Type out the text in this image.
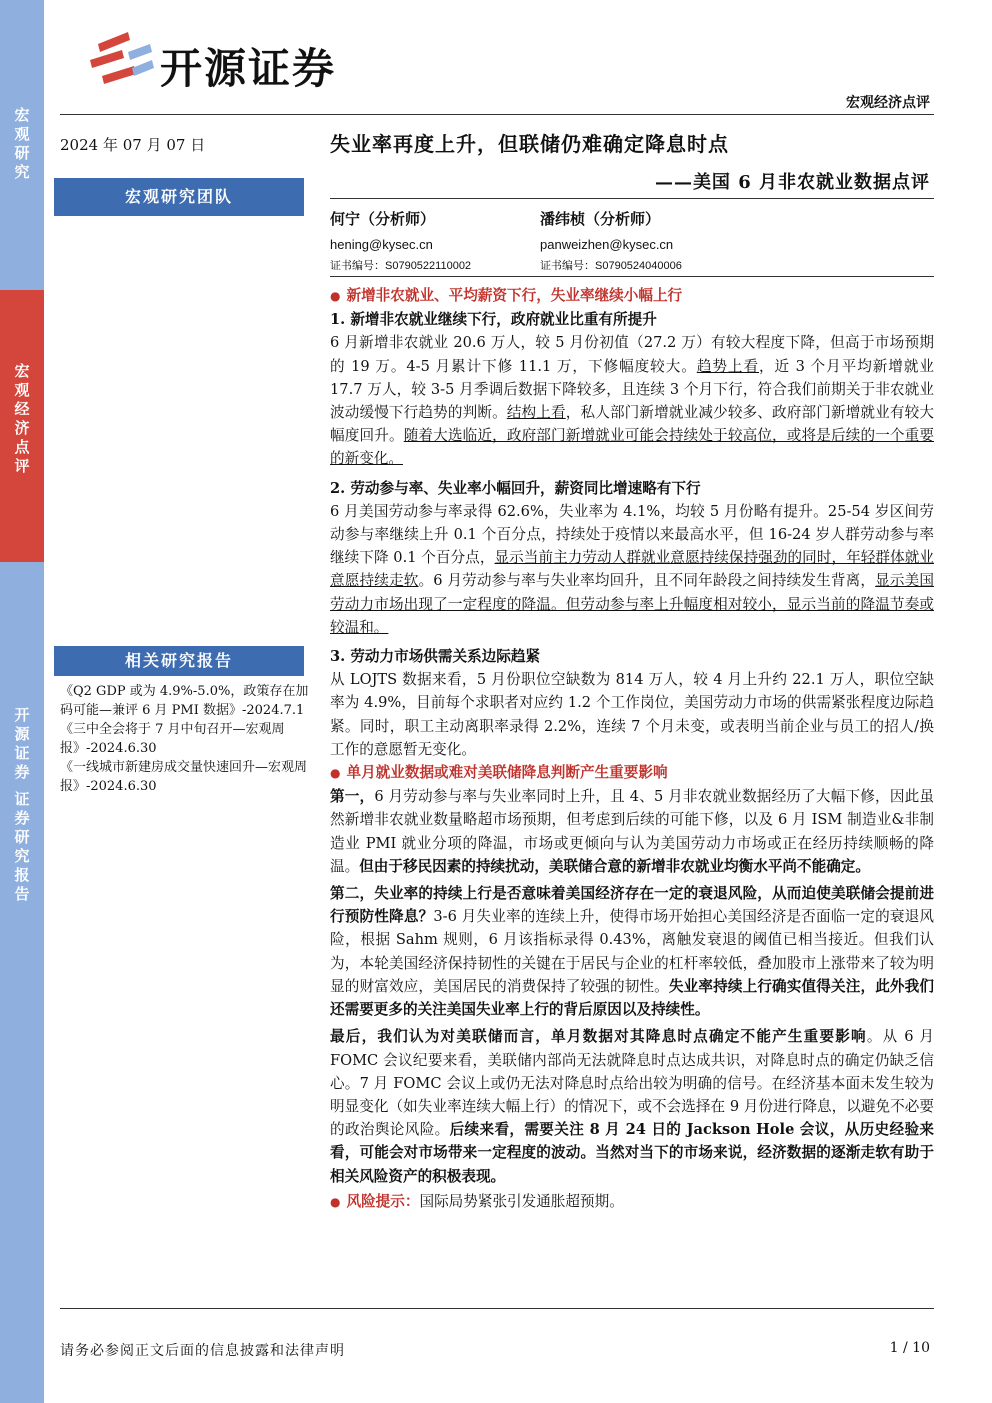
宏
观
研
究
宏
观
经
济
点
评
开
源
证
券
证
券
研
究
报
告
开源证券
宏观经济点评
2024 年 07 月 07 日	失业率再度上升，但联储仍难确定降息时点
——美国 6 月非农就业数据点评
宏观研究团队
何宁（分析师）
hening@kysec.cn
证书编号：S0790522110002
潘纬桢（分析师）
panweizhen@kysec.cn
证书编号：S0790524040006
相关研究报告
《Q2 GDP 或为 4.9%-5.0%，政策存在加码可能—兼评 6 月 PMI 数据》-2024.7.1
《三中全会将于 7 月中旬召开—宏观周报》-2024.6.30
《一线城市新建房成交量快速回升—宏观周报》-2024.6.30
● 新增非农就业、平均薪资下行，失业率继续小幅上行
1. 新增非农就业继续下行，政府就业比重有所提升
6 月新增非农就业 20.6 万人，较 5 月份初值（27.2 万）有较大程度下降，但高于市场预期的 19 万。4-5 月累计下修 11.1 万，下修幅度较大。趋势上看，近 3 个月平均新增就业 17.7 万人，较 3-5 月季调后数据下降较多，且连续 3 个月下行，符合我们前期关于非农就业波动缓慢下行趋势的判断。结构上看，私人部门新增就业减少较多、政府部门新增就业有较大幅度回升。随着大选临近，政府部门新增就业可能会持续处于较高位，或将是后续的一个重要的新变化。
2. 劳动参与率、失业率小幅回升，薪资同比增速略有下行
6 月美国劳动参与率录得 62.6%，失业率为 4.1%，均较 5 月份略有提升。25-54 岁区间劳动参与率继续上升 0.1 个百分点，持续处于疫情以来最高水平，但 16-24 岁人群劳动参与率继续下降 0.1 个百分点，显示当前主力劳动人群就业意愿持续保持强劲的同时，年轻群体就业意愿持续走软。6 月劳动参与率与失业率均回升，且不同年龄段之间持续发生背离，显示美国劳动力市场出现了一定程度的降温。但劳动参与率上升幅度相对较小，显示当前的降温节奏或较温和。
3. 劳动力市场供需关系边际趋紧
从 LOJTS 数据来看，5 月份职位空缺数为 814 万人，较 4 月上升约 22.1 万人，职位空缺率为 4.9%，目前每个求职者对应约 1.2 个工作岗位，美国劳动力市场的供需紧张程度边际趋紧。同时，职工主动离职率录得 2.2%，连续 7 个月未变，或表明当前企业与员工的招人/换工作的意愿暂无变化。
● 单月就业数据或难对美联储降息判断产生重要影响
第一，6 月劳动参与率与失业率同时上升，且 4、5 月非农就业数据经历了大幅下修，因此虽然新增非农就业数量略超市场预期，但考虑到后续的可能下修，以及 6 月 ISM 制造业&非制造业 PMI 就业分项的降温，市场或更倾向与认为美国劳动力市场或正在经历持续顺畅的降温。但由于移民因素的持续扰动，美联储合意的新增非农就业均衡水平尚不能确定。
第二，失业率的持续上行是否意味着美国经济存在一定的衰退风险，从而迫使美联储会提前进行预防性降息？3-6 月失业率的连续上升，使得市场开始担心美国经济是否面临一定的衰退风险，根据 Sahm 规则，6 月该指标录得 0.43%，离触发衰退的阈值已相当接近。但我们认为，本轮美国经济保持韧性的关键在于居民与企业的杠杆率较低，叠加股市上涨带来了较为明显的财富效应，美国居民的消费保持了较强的韧性。失业率持续上行确实值得关注，此外我们还需要更多的关注美国失业率上行的背后原因以及持续性。
最后，我们认为对美联储而言，单月数据对其降息时点确定不能产生重要影响。从 6 月 FOMC 会议纪要来看，美联储内部尚无法就降息时点达成共识，对降息时点的确定仍缺乏信心。7 月 FOMC 会议上或仍无法对降息时点给出较为明确的信号。在经济基本面未发生较为明显变化（如失业率连续大幅上行）的情况下，或不会选择在 9 月份进行降息，以避免不必要的政治舆论风险。后续来看，需要关注 8 月 24 日的 Jackson Hole 会议，从历史经验来看，可能会对市场带来一定程度的波动。当然对当下的市场来说，经济数据的逐渐走软有助于相关风险资产的积极表现。
● 风险提示：国际局势紧张引发通胀超预期。
请务必参阅正文后面的信息披露和法律声明	1 / 10
